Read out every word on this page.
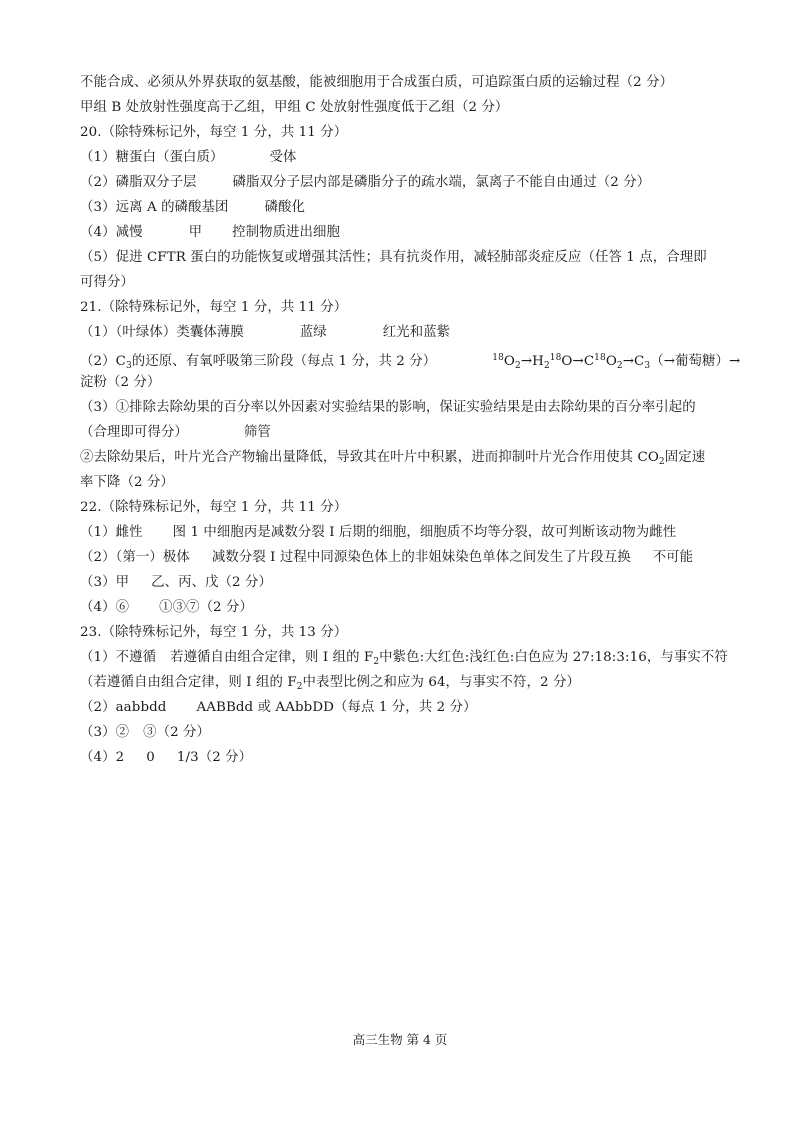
不能合成、必须从外界获取的氨基酸，能被细胞用于合成蛋白质，可追踪蛋白质的运输过程（2 分）
甲组 B 处放射性强度高于乙组，甲组 C 处放射性强度低于乙组（2 分）
20.（除特殊标记外，每空 1 分，共 11 分）
（1）糖蛋白（蛋白质）	受体
（2）磷脂双分子层	磷脂双分子层内部是磷脂分子的疏水端，氯离子不能自由通过（2 分）
（3）远离 A 的磷酸基团	磷酸化
（4）减慢	甲 控制物质进出细胞
（5）促进 CFTR 蛋白的功能恢复或增强其活性；具有抗炎作用，减轻肺部炎症反应（任答 1 点，合理即
可得分）
21.（除特殊标记外，每空 1 分，共 11 分）
（1）（叶绿体）类囊体薄膜	蓝绿	红光和蓝紫
$(2)C_3$的还原、有氧呼吸第三阶段（每点 1 分，共 2 分）	$^{18}O_2\to H_2^{18}O\to C^{18}O_2\to C_3(\to$葡萄糖）→
淀粉（2 分）
（3）①排除去除幼果的百分率以外因素对实验结果的影响，保证实验结果是由去除幼果的百分率引起的
（合理即可得分）	筛管
②去除幼果后，叶片光合产物输出量降低，导致其在叶片中积累，进而抑制叶片光合作用使其 $CO_2$固定速
率下降（2 分）
22.（除特殊标记外，每空 1 分，共 11 分）
（1）雌性 图 1 中细胞丙是减数分裂 I 后期的细胞，细胞质不均等分裂，故可判断该动物为雌性
（2）（第一）极体 减数分裂 I 过程中同源染色体上的非姐妹染色单体之间发生了片段互换 不可能
（3）甲 乙、丙、戊（2 分）
（4）⑥ ①③⑦（2 分）
23.（除特殊标记外，每空 1 分，共 13 分）
（1）不遵循 若遵循自由组合定律，则 I 组的 $F_2$中紫色:大红色:浅红色:白色应为 27:18:3:16，与事实不符
（若遵循自由组合定律，则 I 组的 $F_2$中表型比例之和应为 64，与事实不符，2 分）
（2）aabbdd AABBdd 或 AAbbDD（每点 1 分，共 2 分）
（3）② ③（2 分）
（4）2 0 1/3（2 分）
高三生物 第 4 页
